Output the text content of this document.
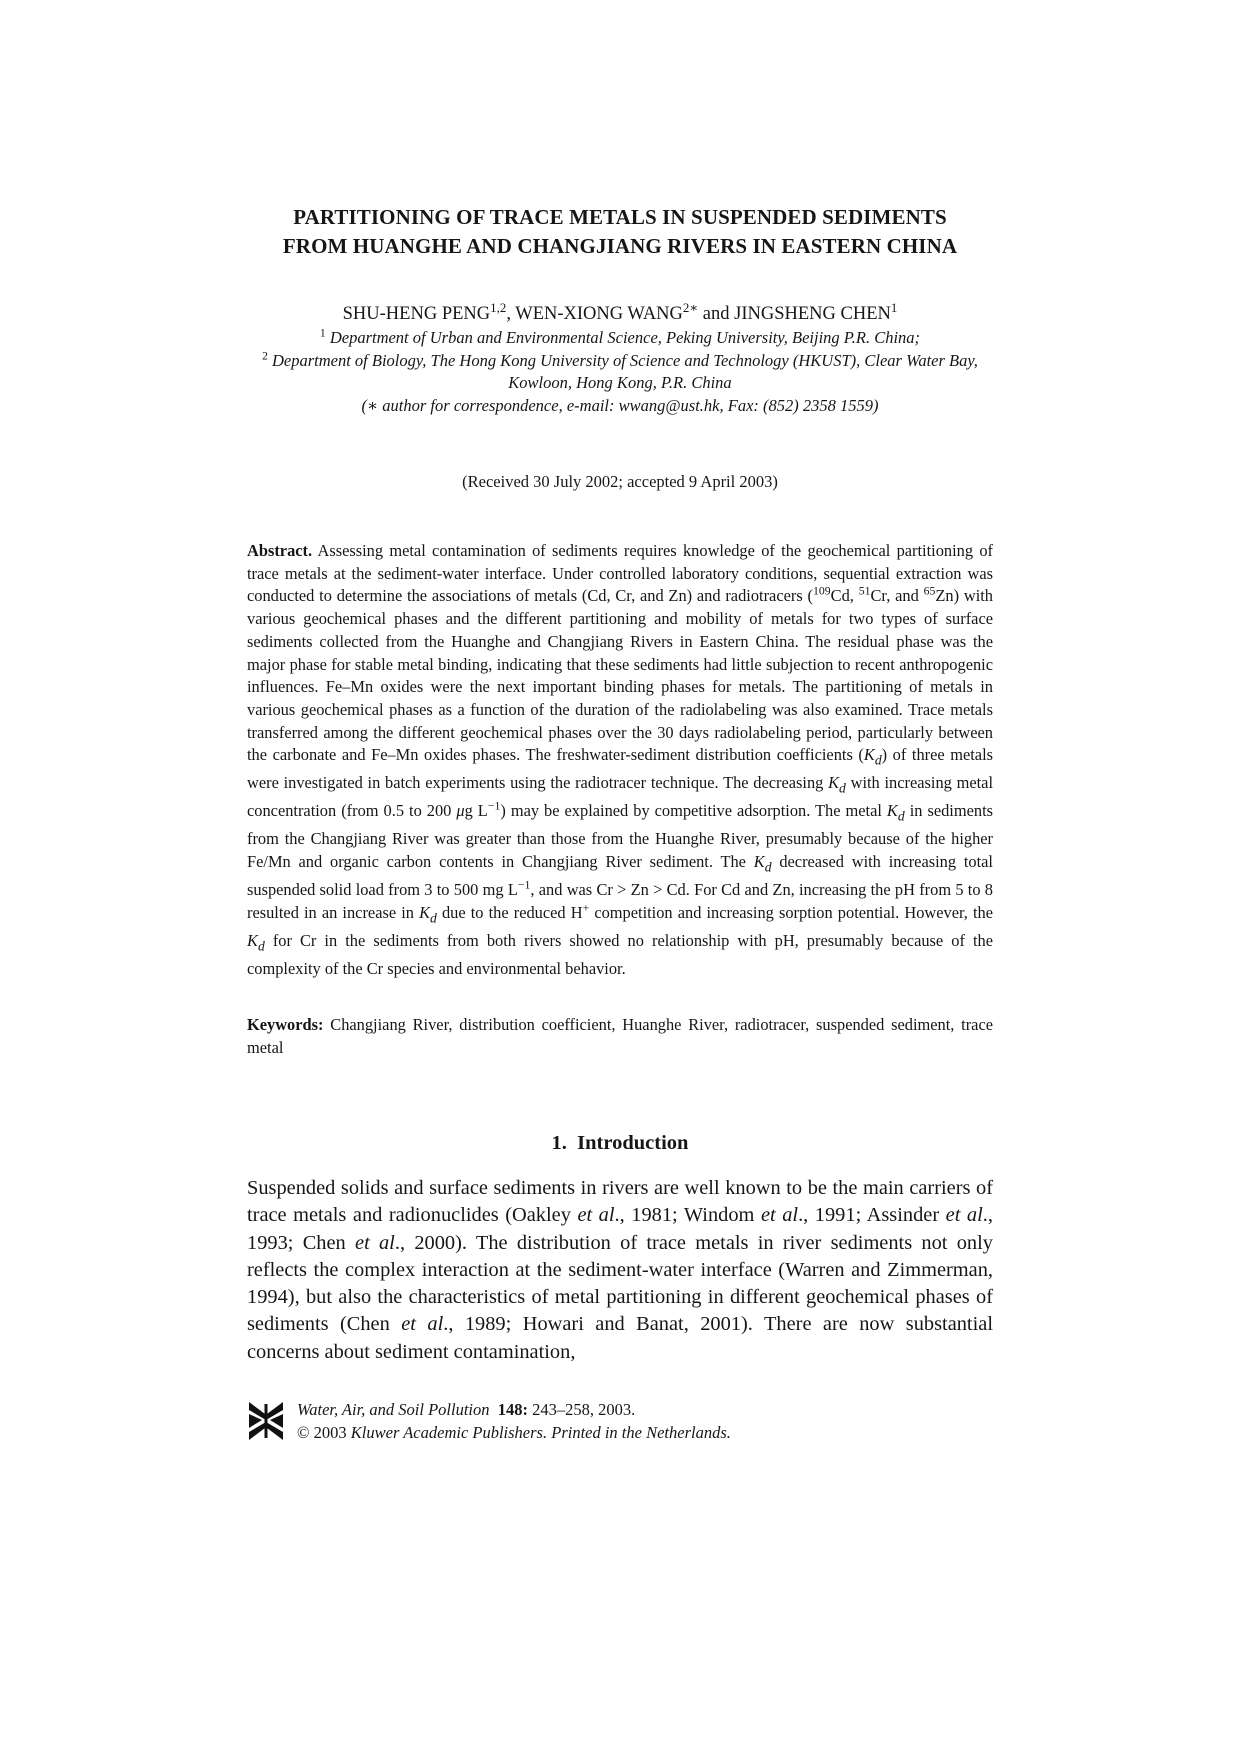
PARTITIONING OF TRACE METALS IN SUSPENDED SEDIMENTS
FROM HUANGHE AND CHANGJIANG RIVERS IN EASTERN CHINA
SHU-HENG PENG$^{1,2}$, WEN-XIONG $WANG^{2∗}$ and JINGSHENG CHEN$^1$
$^1$ Department of Urban and Environmental Science, Peking University, Beijing P.R. China;
$^2$ Department of Biology, The Hong Kong University of Science and Technology (HKUST), Clear Water Bay, Kowloon, Hong Kong, P.R. China
(∗ author for correspondence, e-mail: wwang@ust.hk, Fax: (852) 2358 1559)
(Received 30 July 2002; accepted 9 April 2003)
Abstract. Assessing metal contamination of sediments requires knowledge of the geochemical partitioning of trace metals at the sediment-water interface. Under controlled laboratory conditions, sequential extraction was conducted to determine the associations of metals (Cd, Cr, and Zn) and radiotracers ($^{109}$Cd, $^{51}$Cr, and $^{65}$Zn) with various geochemical phases and the different partitioning and mobility of metals for two types of surface sediments collected from the Huanghe and Changjiang Rivers in Eastern China. The residual phase was the major phase for stable metal binding, indicating that these sediments had little subjection to recent anthropogenic influences. Fe–Mn oxides were the next important binding phases for metals. The partitioning of metals in various geochemical phases as a function of the duration of the radiolabeling was also examined. Trace metals transferred among the different geochemical phases over the 30 days radiolabeling period, particularly between the carbonate and Fe–Mn oxides phases. The freshwater-sediment distribution coefficients $(K_d)$ of three metals were investigated in batch experiments using the radiotracer technique. The decreasing $K_d$ with increasing metal concentration (from 0.5 to 200 μg $L^{-1}$) may be explained by competitive adsorption. The metal $K_d$ in sediments from the Changjiang River was greater than those from the Huanghe River, presumably because of the higher Fe/Mn and organic carbon contents in Changjiang River sediment. The $K_d$ decreased with increasing total suspended solid load from 3 to 500 mg $L^{-1}$, and was Cr > Zn > Cd. For Cd and Zn, increasing the pH from 5 to 8 resulted in an increase in $K_d$ due to the reduced H+ competition and increasing sorption potential. However, the $K_d$ for Cr in the sediments from both rivers showed no relationship with pH, presumably because of the complexity of the Cr species and environmental behavior.
Keywords: Changjiang River, distribution coefficient, Huanghe River, radiotracer, suspended sediment, trace metal
1. Introduction
Suspended solids and surface sediments in rivers are well known to be the main carriers of trace metals and radionuclides (Oakley et al., 1981; Windom et al., 1991; Assinder et al., 1993; Chen et al., 2000). The distribution of trace metals in river sediments not only reflects the complex interaction at the sediment-water interface (Warren and Zimmerman, 1994), but also the characteristics of metal partitioning in different geochemical phases of sediments (Chen et al., 1989; Howari and Banat, 2001). There are now substantial concerns about sediment contamination,
Water, Air, and Soil Pollution 148: 243–258, 2003.
© 2003 Kluwer Academic Publishers. Printed in the Netherlands.
